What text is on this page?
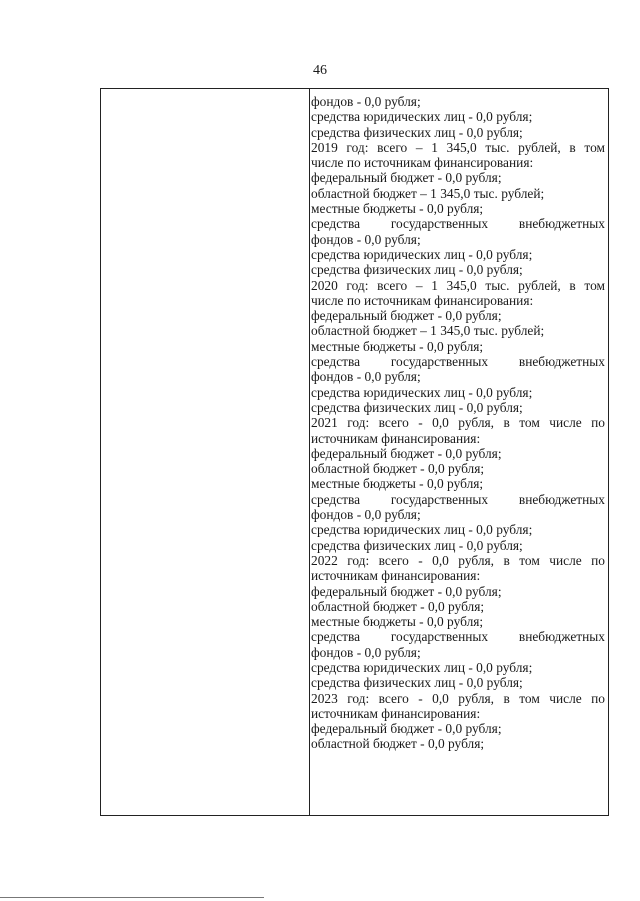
46
фондов - 0,0 рубля;
средства юридических лиц - 0,0 рубля;
средства физических лиц - 0,0 рубля;
2019 год: всего – 1 345,0 тыс. рублей, в том
числе по источникам финансирования:
федеральный бюджет - 0,0 рубля;
областной бюджет – 1 345,0 тыс. рублей;
местные бюджеты - 0,0 рубля;
средства государственных внебюджетных
фондов - 0,0 рубля;
средства юридических лиц - 0,0 рубля;
средства физических лиц - 0,0 рубля;
2020 год: всего – 1 345,0 тыс. рублей, в том
числе по источникам финансирования:
федеральный бюджет - 0,0 рубля;
областной бюджет – 1 345,0 тыс. рублей;
местные бюджеты - 0,0 рубля;
средства государственных внебюджетных
фондов - 0,0 рубля;
средства юридических лиц - 0,0 рубля;
средства физических лиц - 0,0 рубля;
2021 год: всего - 0,0 рубля, в том числе по
источникам финансирования:
федеральный бюджет - 0,0 рубля;
областной бюджет - 0,0 рубля;
местные бюджеты - 0,0 рубля;
средства государственных внебюджетных
фондов - 0,0 рубля;
средства юридических лиц - 0,0 рубля;
средства физических лиц - 0,0 рубля;
2022 год: всего - 0,0 рубля, в том числе по
источникам финансирования:
федеральный бюджет - 0,0 рубля;
областной бюджет - 0,0 рубля;
местные бюджеты - 0,0 рубля;
средства государственных внебюджетных
фондов - 0,0 рубля;
средства юридических лиц - 0,0 рубля;
средства физических лиц - 0,0 рубля;
2023 год: всего - 0,0 рубля, в том числе по
источникам финансирования:
федеральный бюджет - 0,0 рубля;
областной бюджет - 0,0 рубля;
